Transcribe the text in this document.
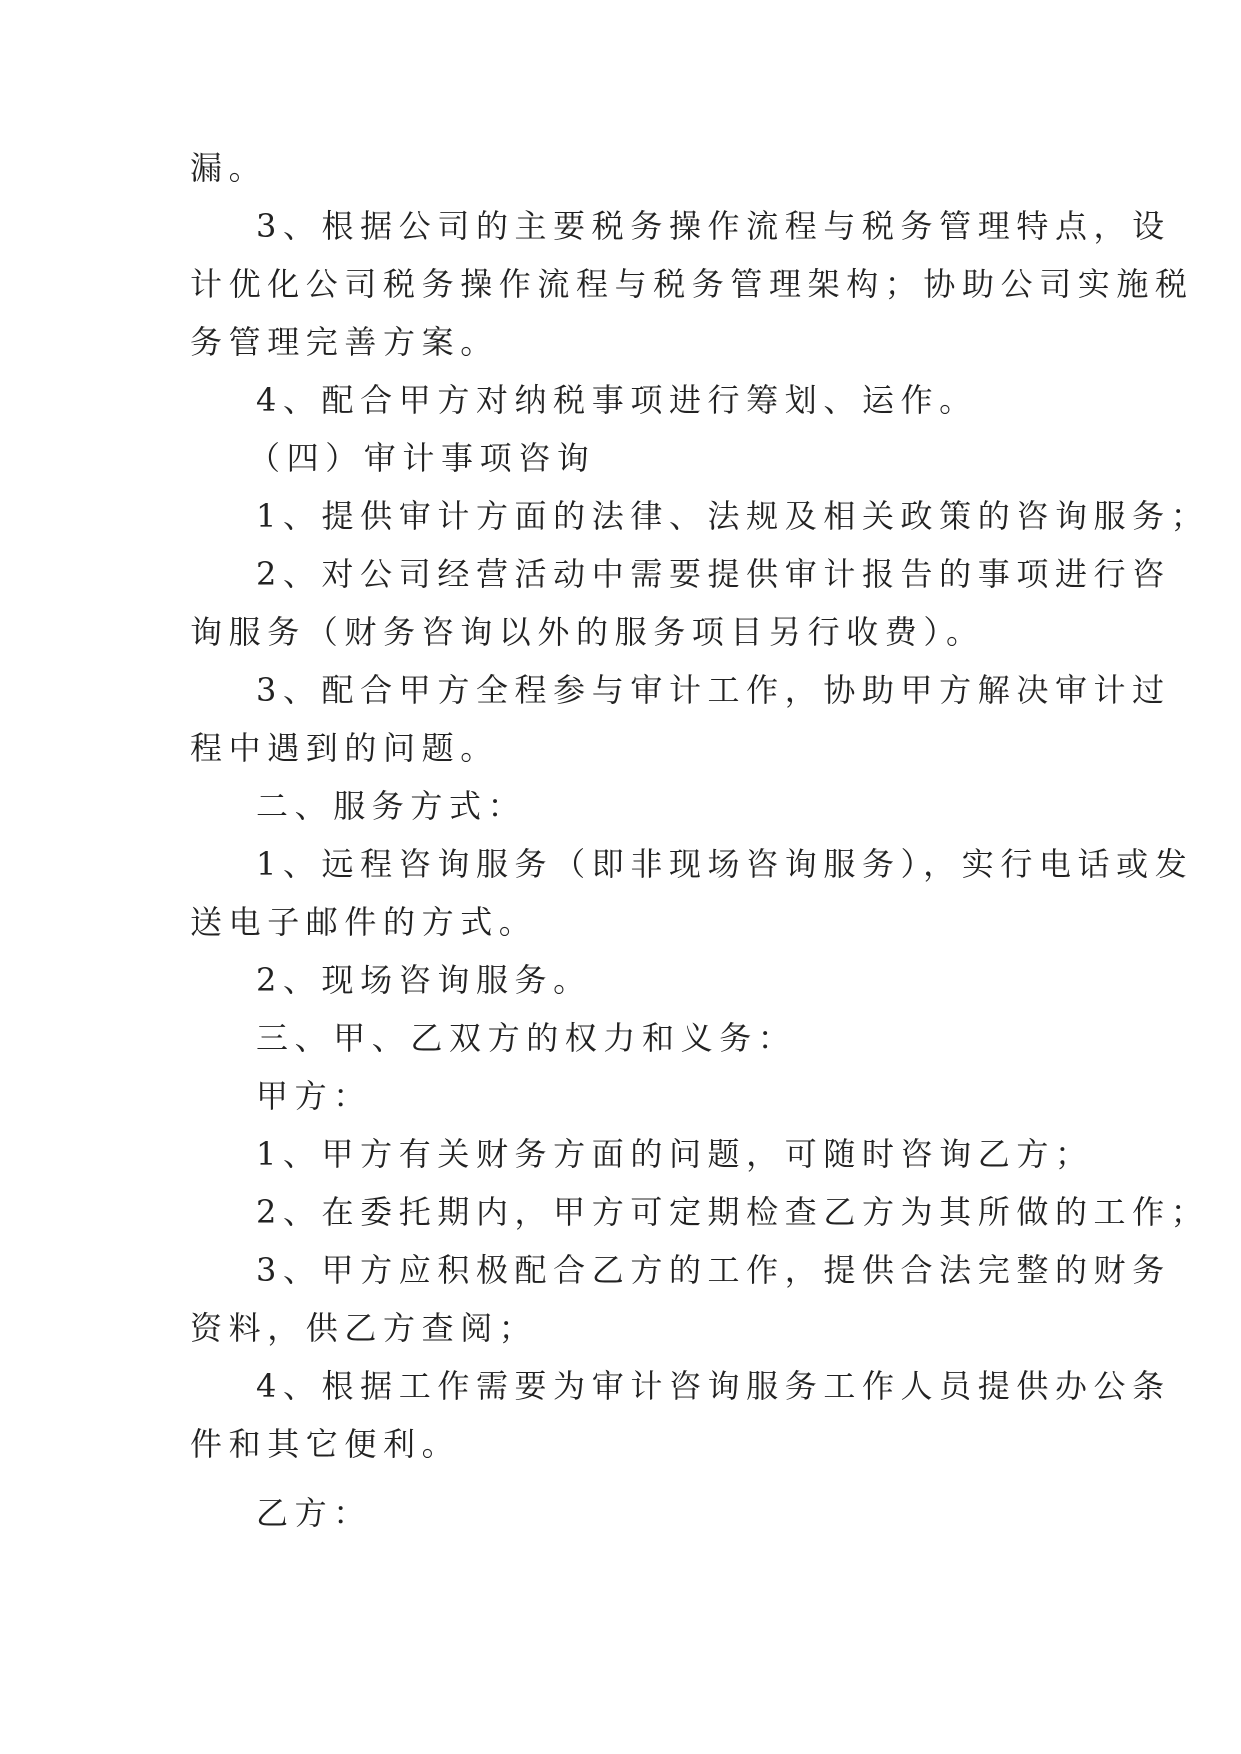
漏。
3、根据公司的主要税务操作流程与税务管理特点，设
计优化公司税务操作流程与税务管理架构；协助公司实施税
务管理完善方案。
4、配合甲方对纳税事项进行筹划、运作。
（四）审计事项咨询
1、提供审计方面的法律、法规及相关政策的咨询服务；
2、对公司经营活动中需要提供审计报告的事项进行咨
询服务（财务咨询以外的服务项目另行收费）。
3、配合甲方全程参与审计工作，协助甲方解决审计过
程中遇到的问题。
二、服务方式：
1、远程咨询服务（即非现场咨询服务），实行电话或发
送电子邮件的方式。
2、现场咨询服务。
三、甲、乙双方的权力和义务：
甲方：
1、甲方有关财务方面的问题，可随时咨询乙方；
2、在委托期内，甲方可定期检查乙方为其所做的工作；
3、甲方应积极配合乙方的工作，提供合法完整的财务
资料，供乙方查阅；
4、根据工作需要为审计咨询服务工作人员提供办公条
件和其它便利。
乙方：
